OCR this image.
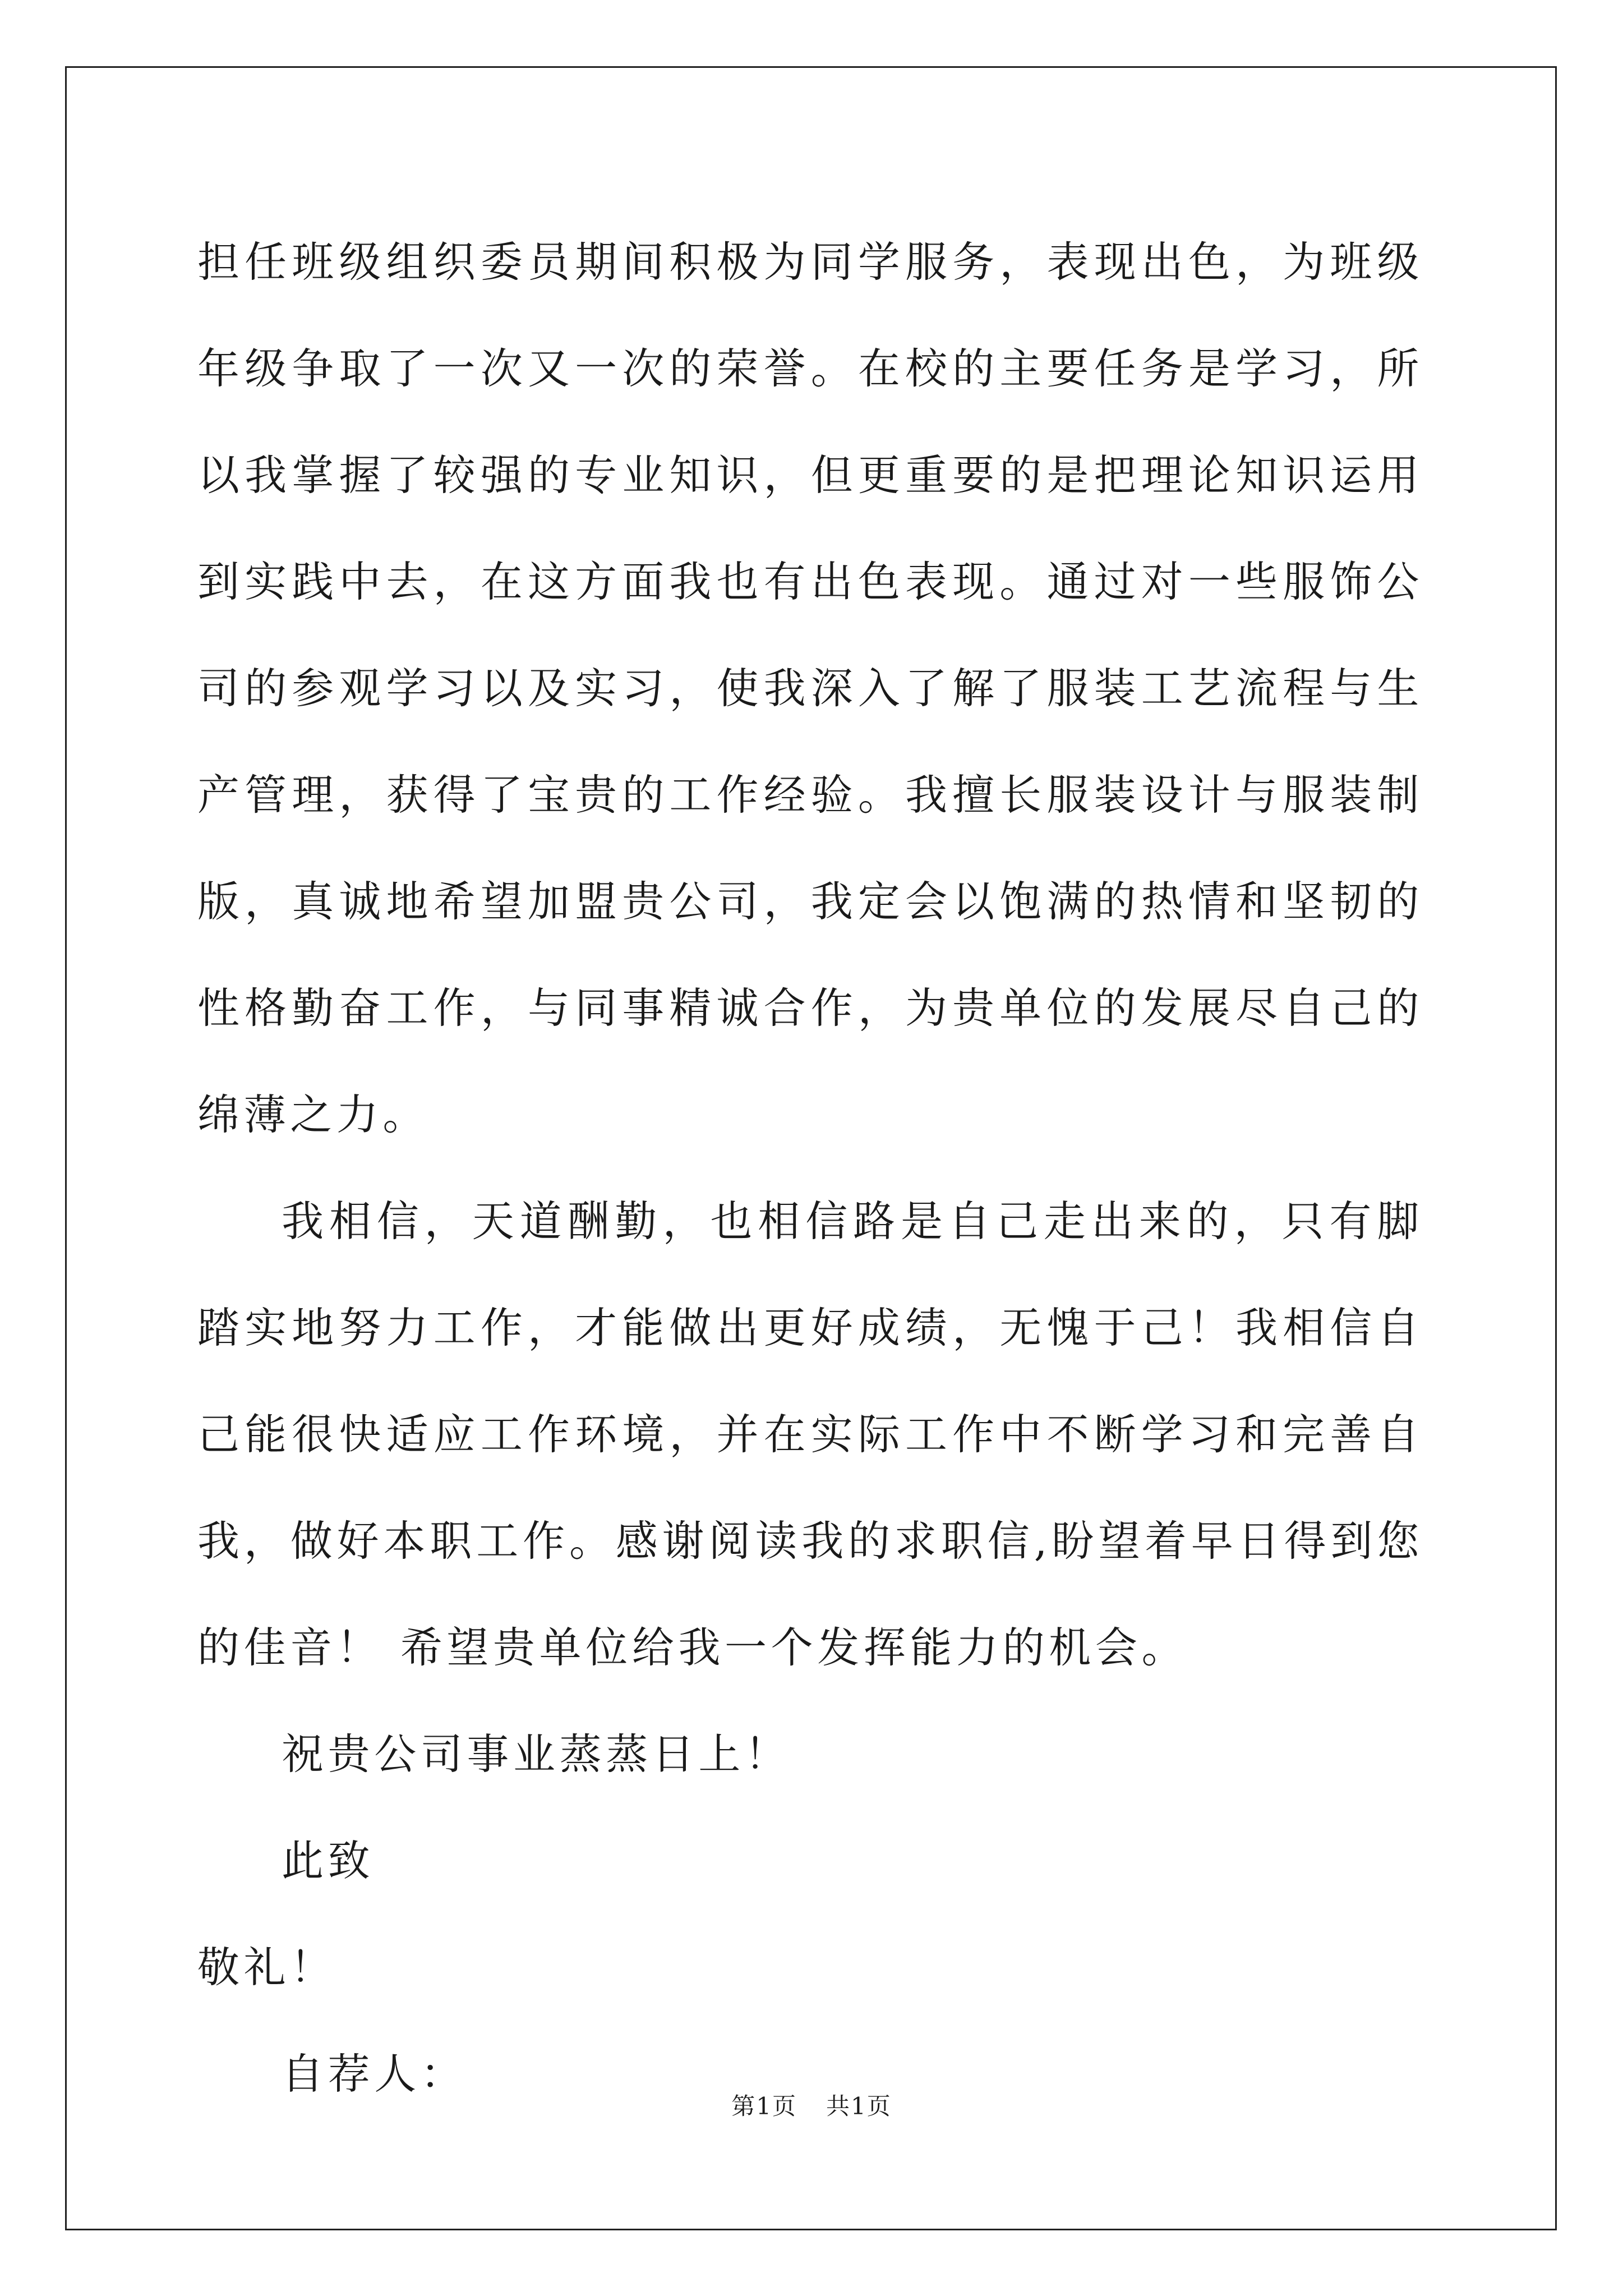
担任班级组织委员期间积极为同学服务，表现出色，为班级年级争取了一次又一次的荣誉。在校的主要任务是学习，所以我掌握了较强的专业知识，但更重要的是把理论知识运用到实践中去，在这方面我也有出色表现。通过对一些服饰公司的参观学习以及实习，使我深入了解了服装工艺流程与生产管理，获得了宝贵的工作经验。我擅长服装设计与服装制版，真诚地希望加盟贵公司，我定会以饱满的热情和坚韧的性格勤奋工作，与同事精诚合作，为贵单位的发展尽自己的绵薄之力。

我相信，天道酬勤，也相信路是自己走出来的，只有脚踏实地努力工作，才能做出更好成绩，无愧于己！我相信自己能很快适应工作环境，并在实际工作中不断学习和完善自我，做好本职工作。感谢阅读我的求职信,盼望着早日得到您的佳音！ 希望贵单位给我一个发挥能力的机会。

祝贵公司事业蒸蒸日上！

此致

敬礼！

自荐人：

第1页 共1页
